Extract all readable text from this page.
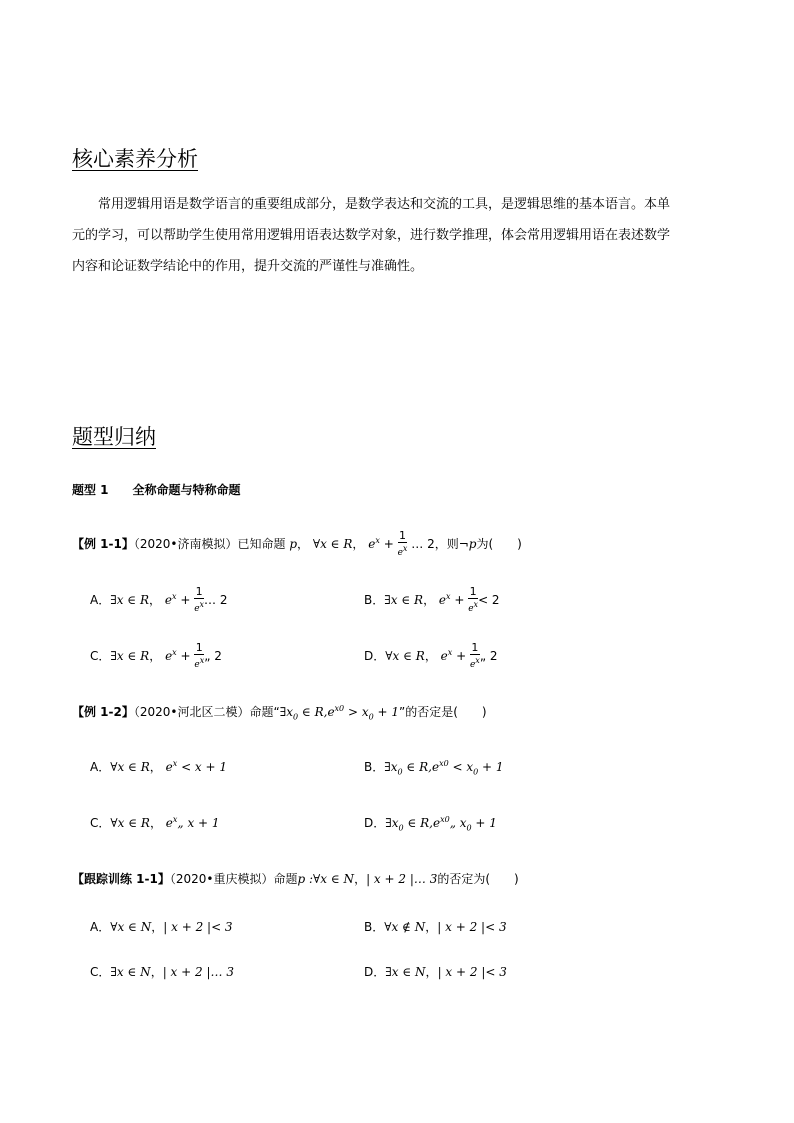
核心素养分析
常用逻辑用语是数学语言的重要组成部分，是数学表达和交流的工具，是逻辑思维的基本语言。本单
元的学习，可以帮助学生使用常用逻辑用语表达数学对象，进行数学推理，体会常用逻辑用语在表述数学
内容和论证数学结论中的作用，提升交流的严谨性与准确性。
题型归纳
题型 1　　全称命题与特称命题
【例 1-1】（2020•济南模拟）已知命题 p， ∀x ∈ R， $e^x + \frac{1}{e^x}$ … 2，则¬p为(　　)
A．∃x ∈ R， $e^x + \frac{1}{e^x}$ … 2	B．∃x ∈ R， $e^x + \frac{1}{e^x} < 2$
C．∃x ∈ R， $e^x + \frac{1}{e^x}$ „ 2	D．∀x ∈ R， $e^x + \frac{1}{e^x}$ „ 2
【例 1-2】（2020•河北区二模）命题“$\exists x_0$ ∈ $R,e^{x0} > x_0 + 1$”的否定是(　　)
A．∀x ∈ R， $e^x < x + 1$	B．$\exists x_0$ ∈ $R,e^{x0} < x_0 + 1$
C．∀x ∈ R， $e^x„$ x + 1	D．$\exists x_0$ ∈ $R,e^{x0}„$ $x_0 + 1$
【跟踪训练 1-1】（2020•重庆模拟）命题p :∀x ∈ N，| x + 2 |… 3的否定为(　　)
A．∀x ∈ N，| x + 2 |< 3	B．∀x ∉ N，| x + 2 |< 3
C．∃x ∈ N，| x + 2 |… 3	D．∃x ∈ N，| x + 2 |< 3
